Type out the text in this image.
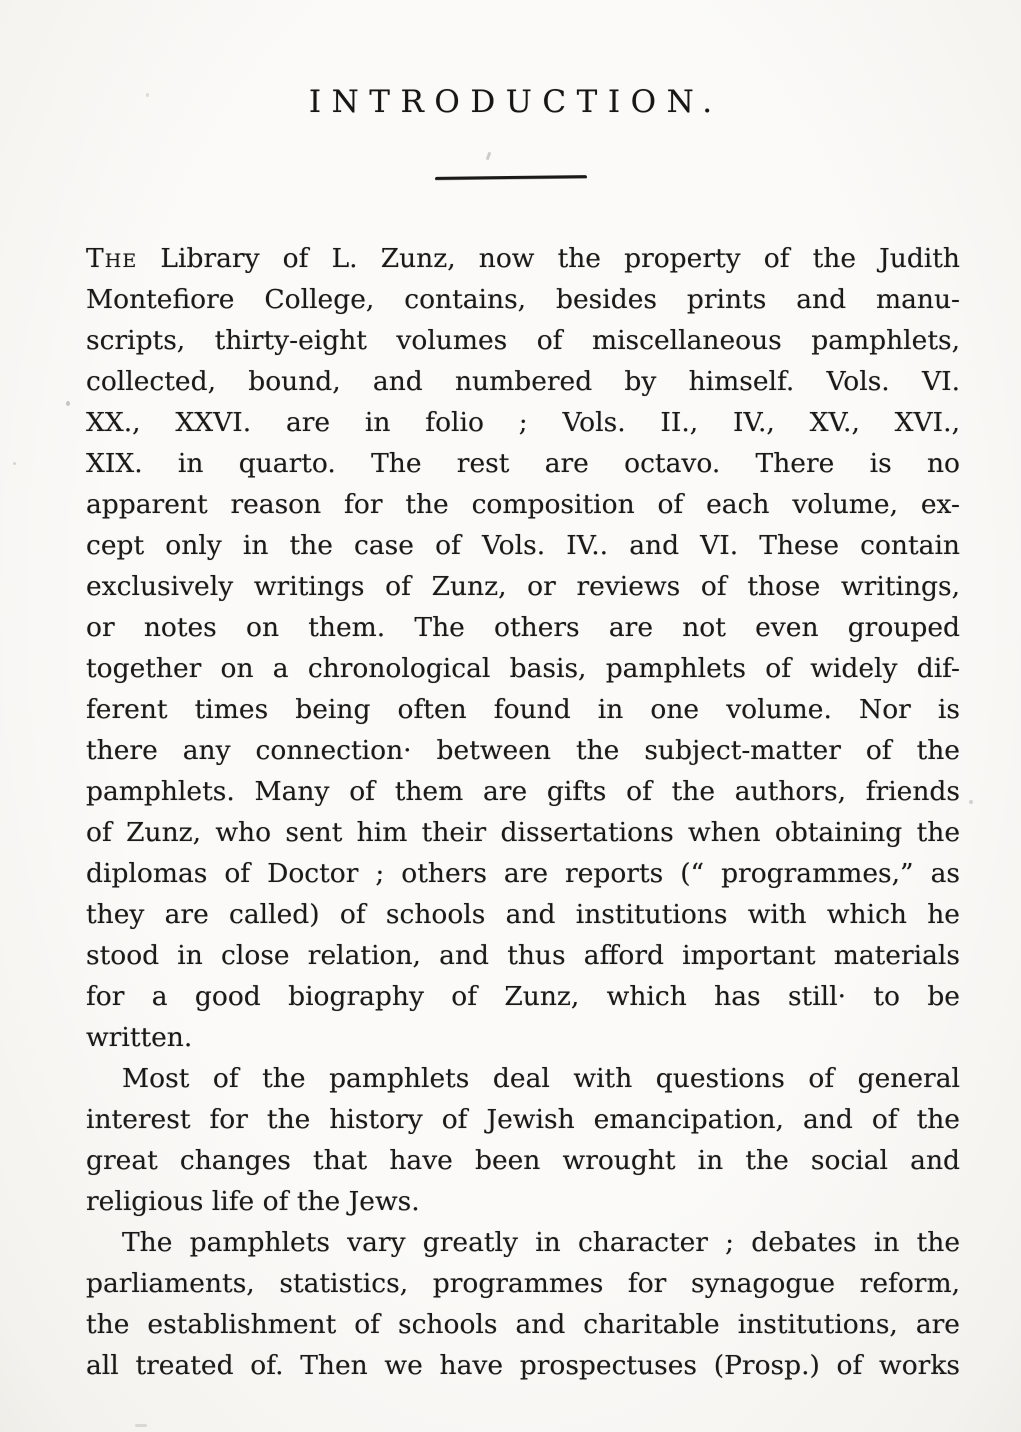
INTRODUCTION.
The Library of L. Zunz, now the property of the Judith
Montefiore College, contains, besides prints and manu-
scripts, thirty-eight volumes of miscellaneous pamphlets,
collected, bound, and numbered by himself. Vols. VI.
XX., XXVI. are in folio ; Vols. II., IV., XV., XVI.,
XIX. in quarto. The rest are octavo. There is no
apparent reason for the composition of each volume, ex-
cept only in the case of Vols. IV.. and VI. These contain
exclusively writings of Zunz, or reviews of those writings,
or notes on them. The others are not even grouped
together on a chronological basis, pamphlets of widely dif-
ferent times being often found in one volume. Nor is
there any connection· between the subject-matter of the
pamphlets. Many of them are gifts of the authors, friends
of Zunz, who sent him their dissertations when obtaining the
diplomas of Doctor ; others are reports (“ programmes,” as
they are called) of schools and institutions with which he
stood in close relation, and thus afford important materials
for a good biography of Zunz, which has still· to be
written.
Most of the pamphlets deal with questions of general
interest for the history of Jewish emancipation, and of the
great changes that have been wrought in the social and
religious life of the Jews.
The pamphlets vary greatly in character ; debates in the
parliaments, statistics, programmes for synagogue reform,
the establishment of schools and charitable institutions, are
all treated of. Then we have prospectuses (Prosp.) of works
